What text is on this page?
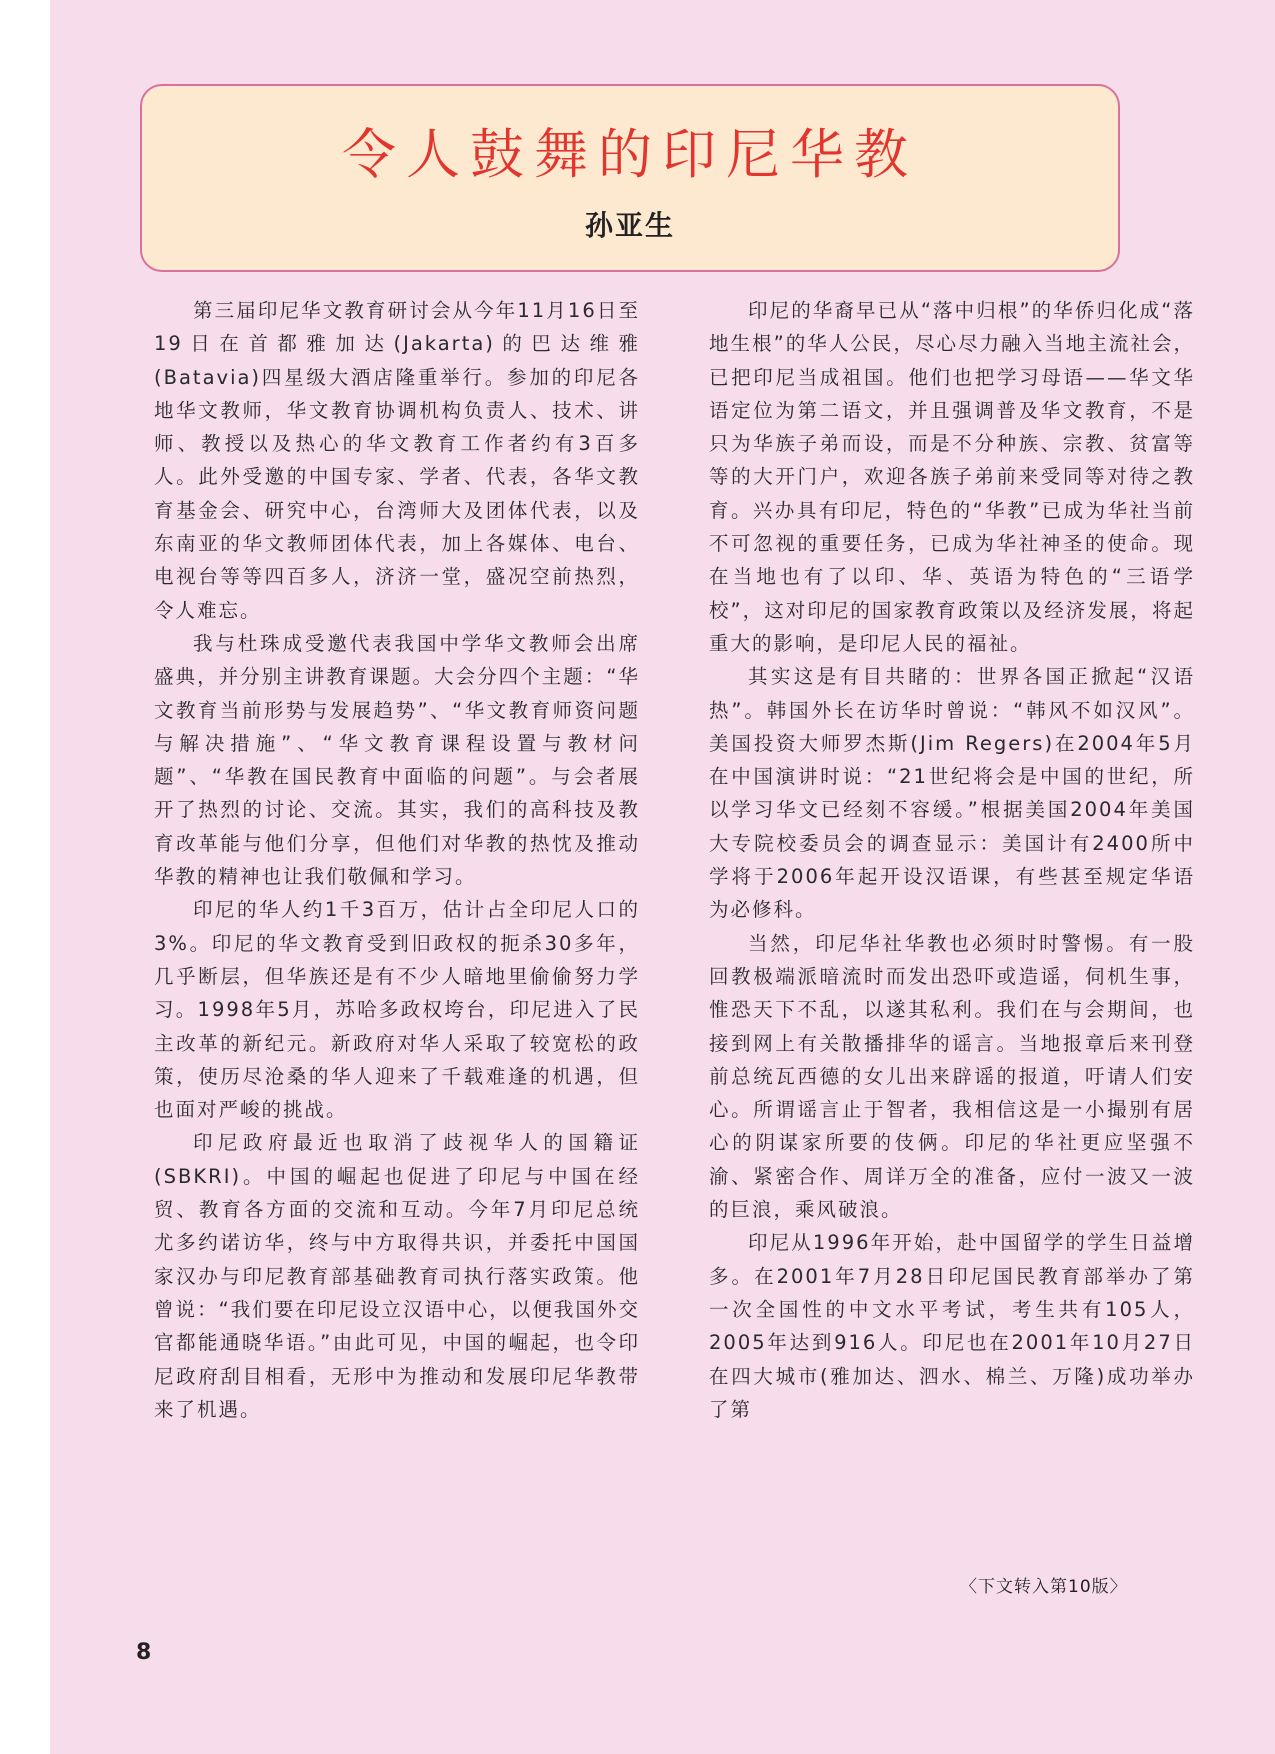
令人鼓舞的印尼华教
孙亚生

第三届印尼华文教育研讨会从今年11月16日至19日在首都雅加达(Jakarta)的巴达维雅(Batavia)四星级大酒店隆重举行。参加的印尼各地华文教师，华文教育协调机构负责人、技术、讲师、教授以及热心的华文教育工作者约有3百多人。此外受邀的中国专家、学者、代表，各华文教育基金会、研究中心，台湾师大及团体代表，以及东南亚的华文教师团体代表，加上各媒体、电台、电视台等等四百多人，济济一堂，盛况空前热烈，令人难忘。

我与杜珠成受邀代表我国中学华文教师会出席盛典，并分别主讲教育课题。大会分四个主题：“华文教育当前形势与发展趋势”、“华文教育师资问题与解决措施”、“华文教育课程设置与教材问题”、“华教在国民教育中面临的问题”。与会者展开了热烈的讨论、交流。其实，我们的高科技及教育改革能与他们分享，但他们对华教的热忱及推动华教的精神也让我们敬佩和学习。

印尼的华人约1千3百万，估计占全印尼人口的3%。印尼的华文教育受到旧政权的扼杀30多年，几乎断层，但华族还是有不少人暗地里偷偷努力学习。1998年5月，苏哈多政权垮台，印尼进入了民主改革的新纪元。新政府对华人采取了较宽松的政策，使历尽沧桑的华人迎来了千载难逢的机遇，但也面对严峻的挑战。

印尼政府最近也取消了歧视华人的国籍证(SBKRI)。中国的崛起也促进了印尼与中国在经贸、教育各方面的交流和互动。今年7月印尼总统尤多约诺访华，终与中方取得共识，并委托中国国家汉办与印尼教育部基础教育司执行落实政策。他曾说：“我们要在印尼设立汉语中心，以便我国外交官都能通晓华语。”由此可见，中国的崛起，也令印尼政府刮目相看，无形中为推动和发展印尼华教带来了机遇。

印尼的华裔早已从“落中归根”的华侨归化成“落地生根”的华人公民，尽心尽力融入当地主流社会，已把印尼当成祖国。他们也把学习母语——华文华语定位为第二语文，并且强调普及华文教育，不是只为华族子弟而设，而是不分种族、宗教、贫富等等的大开门户，欢迎各族子弟前来受同等对待之教育。兴办具有印尼，特色的“华教”已成为华社当前不可忽视的重要任务，已成为华社神圣的使命。现在当地也有了以印、华、英语为特色的“三语学校”，这对印尼的国家教育政策以及经济发展，将起重大的影响，是印尼人民的福祉。

其实这是有目共睹的：世界各国正掀起“汉语热”。韩国外长在访华时曾说：“韩风不如汉风”。美国投资大师罗杰斯(Jim Regers)在2004年5月在中国演讲时说：“21世纪将会是中国的世纪，所以学习华文已经刻不容缓。”根据美国2004年美国大专院校委员会的调查显示：美国计有2400所中学将于2006年起开设汉语课，有些甚至规定华语为必修科。

当然，印尼华社华教也必须时时警惕。有一股回教极端派暗流时而发出恐吓或造谣，伺机生事，惟恐天下不乱，以遂其私利。我们在与会期间，也接到网上有关散播排华的谣言。当地报章后来刊登前总统瓦西德的女儿出来辟谣的报道，吁请人们安心。所谓谣言止于智者，我相信这是一小撮别有居心的阴谋家所要的伎俩。印尼的华社更应坚强不渝、紧密合作、周详万全的准备，应付一波又一波的巨浪，乘风破浪。

印尼从1996年开始，赴中国留学的学生日益增多。在2001年7月28日印尼国民教育部举办了第一次全国性的中文水平考试，考生共有105人，2005年达到916人。印尼也在2001年10月27日在四大城市(雅加达、泗水、棉兰、万隆)成功举办了第

〈下文转入第10版〉
8
